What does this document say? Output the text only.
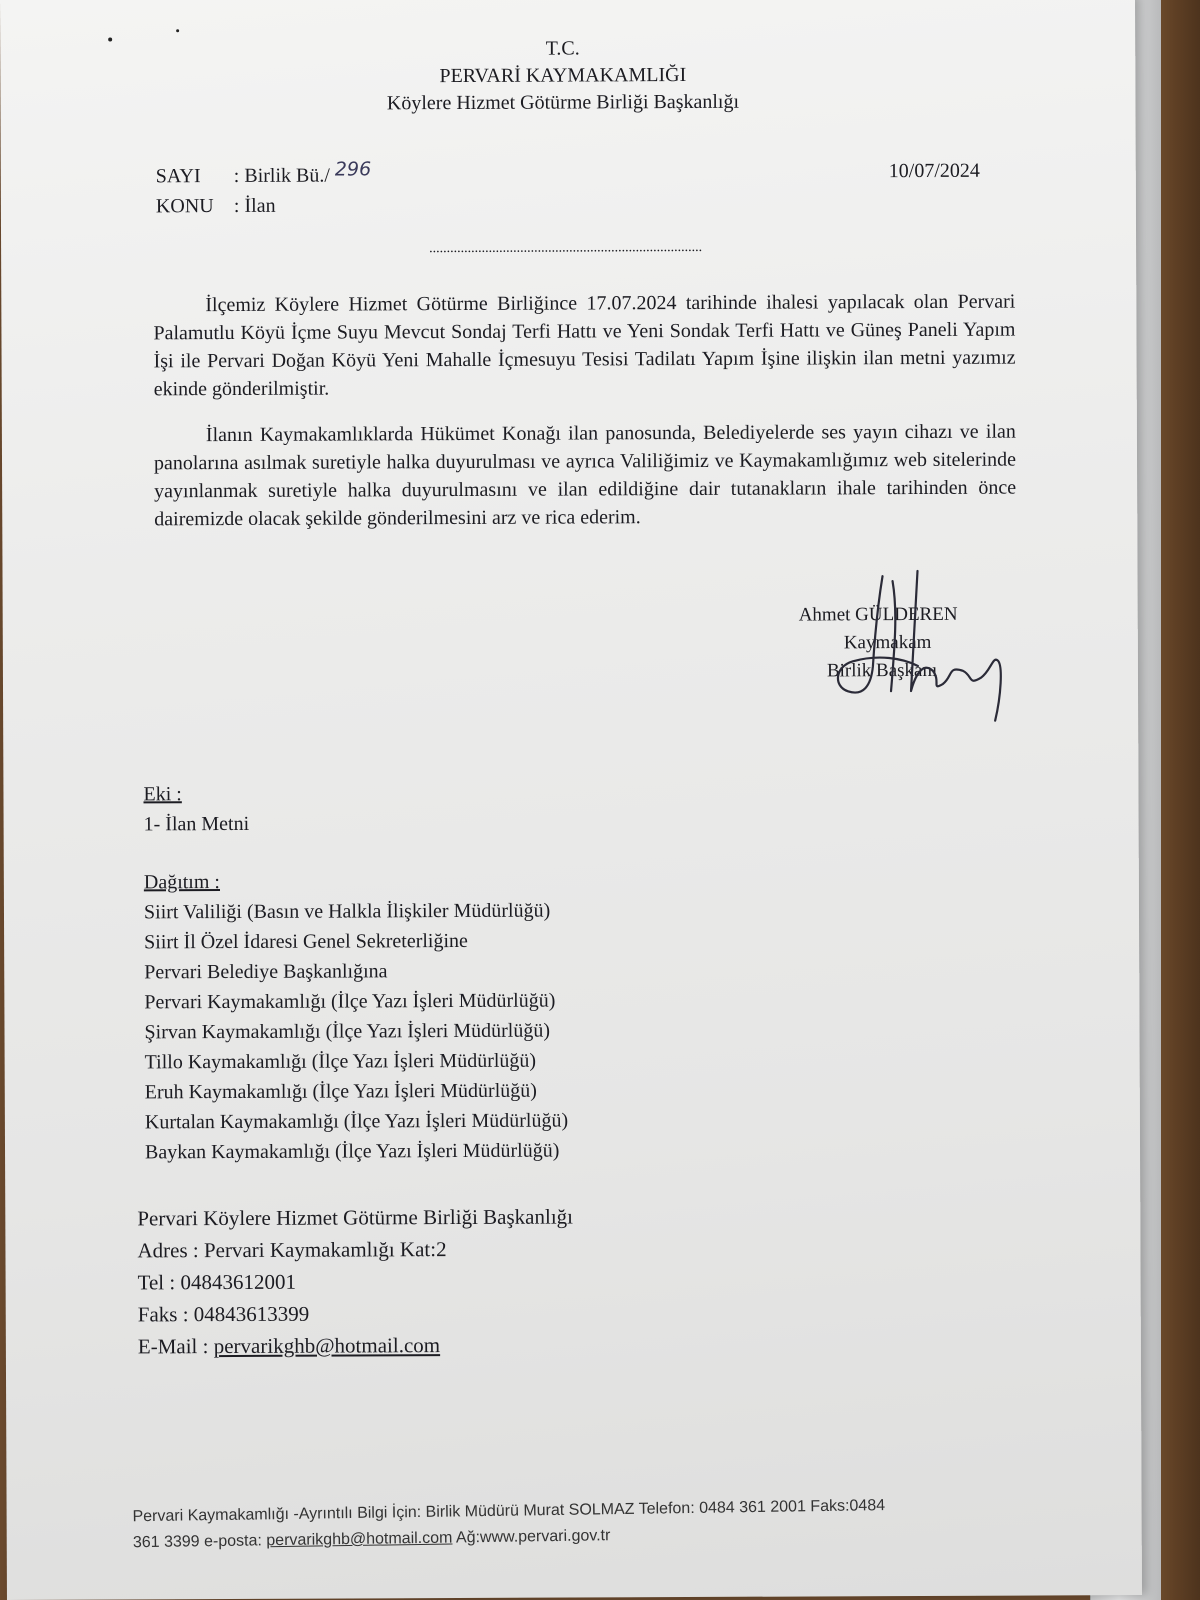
T.C.
PERVARİ KAYMAKAMLIĞI
Köylere Hizmet Götürme Birliği Başkanlığı
SAYI : Birlik Bü./ 296
KONU : İlan
10/07/2024
..............................................................................
İlçemiz Köylere Hizmet Götürme Birliğince 17.07.2024 tarihinde ihalesi yapılacak olan Pervari Palamutlu Köyü İçme Suyu Mevcut Sondaj Terfi Hattı ve Yeni Sondak Terfi Hattı ve Güneş Paneli Yapım İşi ile Pervari Doğan Köyü Yeni Mahalle İçmesuyu Tesisi Tadilatı Yapım İşine ilişkin ilan metni yazımız ekinde gönderilmiştir.
İlanın Kaymakamlıklarda Hükümet Konağı ilan panosunda, Belediyelerde ses yayın cihazı ve ilan panolarına asılmak suretiyle halka duyurulması ve ayrıca Valiliğimiz ve Kaymakamlığımız web sitelerinde yayınlanmak suretiyle halka duyurulmasını ve ilan edildiğine dair tutanakların ihale tarihinden önce dairemizde olacak şekilde gönderilmesini arz ve rica ederim.
Ahmet GÜLDEREN
Kaymakam
Birlik Başkanı
Eki :
1- İlan Metni
Dağıtım :
Siirt Valiliği (Basın ve Halkla İlişkiler Müdürlüğü)
Siirt İl Özel İdaresi Genel Sekreterliğine
Pervari Belediye Başkanlığına
Pervari Kaymakamlığı (İlçe Yazı İşleri Müdürlüğü)
Şirvan Kaymakamlığı (İlçe Yazı İşleri Müdürlüğü)
Tillo Kaymakamlığı (İlçe Yazı İşleri Müdürlüğü)
Eruh Kaymakamlığı (İlçe Yazı İşleri Müdürlüğü)
Kurtalan Kaymakamlığı (İlçe Yazı İşleri Müdürlüğü)
Baykan Kaymakamlığı (İlçe Yazı İşleri Müdürlüğü)
Pervari Köylere Hizmet Götürme Birliği Başkanlığı
Adres : Pervari Kaymakamlığı Kat:2
Tel : 04843612001
Faks : 04843613399
E-Mail : pervarikghb@hotmail.com
Pervari Kaymakamlığı -Ayrıntılı Bilgi İçin: Birlik Müdürü Murat SOLMAZ Telefon: 0484 361 2001 Faks:0484
361 3399 e-posta: pervarikghb@hotmail.com Ağ:www.pervari.gov.tr
